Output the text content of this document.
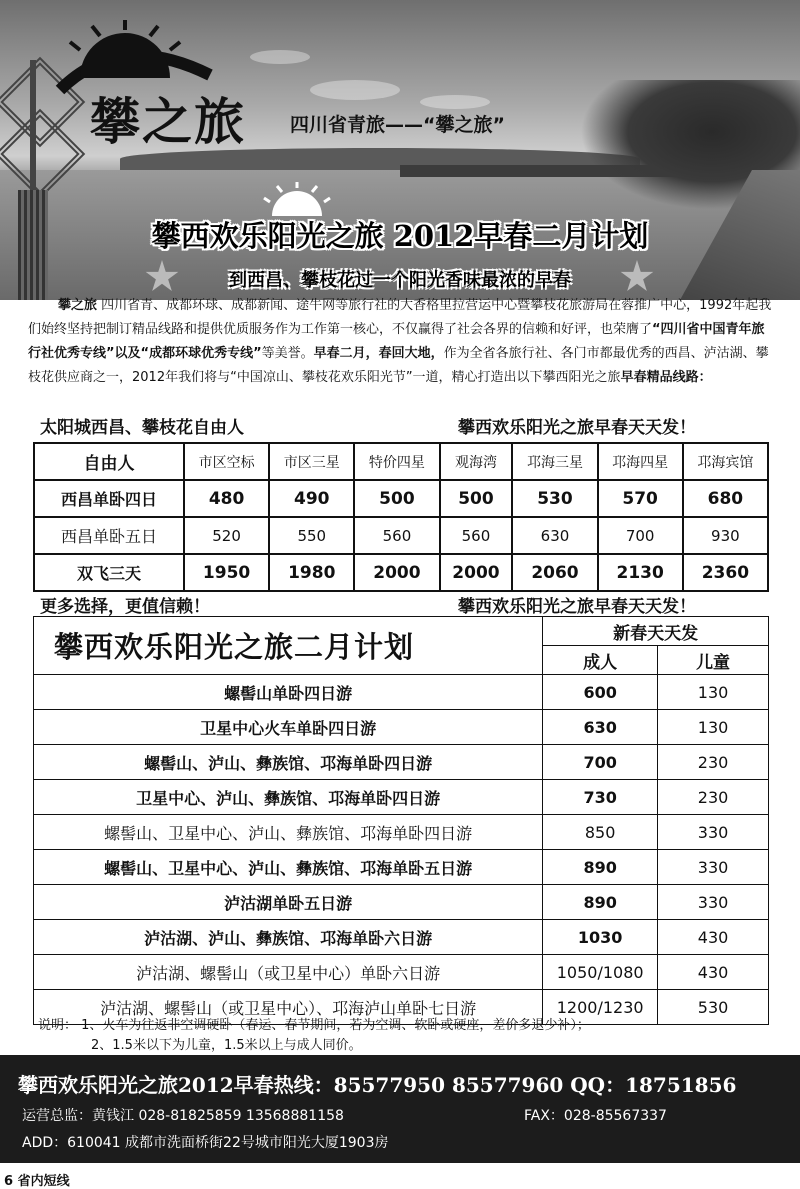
攀之旅 四川省青旅——“攀之旅”
攀西欢乐阳光之旅 2012早春二月计划
到西昌、攀枝花过一个阳光香味最浓的早春
攀之旅 四川省青、成都环球、成都新闻、途牛网等旅行社的大香格里拉营运中心暨攀枝花旅游局在蓉推广中心，1992年起我们始终坚持把制订精品线路和提供优质服务作为工作第一核心，不仅赢得了社会各界的信赖和好评，也荣膺了“四川省中国青年旅行社优秀专线”以及“成都环球优秀专线”等美誉。早春二月，春回大地，作为全省各旅行社、各门市都最优秀的西昌、泸沽湖、攀枝花供应商之一，2012年我们将与“中国凉山、攀枝花欢乐阳光节”一道，精心打造出以下攀西阳光之旅早春精品线路：
太阳城西昌、攀枝花自由人	攀西欢乐阳光之旅早春天天发！
自由人	市区空标	市区三星	特价四星	观海湾	邛海三星	邛海四星	邛海宾馆
西昌单卧四日	480	490	500	500	530	570	680
西昌单卧五日	520	550	560	560	630	700	930
双飞三天	1950	1980	2000	2000	2060	2130	2360
更多选择，更值信赖！	攀西欢乐阳光之旅早春天天发！
攀西欢乐阳光之旅二月计划	新春天天发	
	成人	儿童
螺髻山单卧四日游	600	130
卫星中心火车单卧四日游	630	130
螺髻山、泸山、彝族馆、邛海单卧四日游	700	230
卫星中心、泸山、彝族馆、邛海单卧四日游	730	230
螺髻山、卫星中心、泸山、彝族馆、邛海单卧四日游	850	330
螺髻山、卫星中心、泸山、彝族馆、邛海单卧五日游	890	330
泸沽湖单卧五日游	890	330
泸沽湖、泸山、彝族馆、邛海单卧六日游	1030	430
泸沽湖、螺髻山（或卫星中心）单卧六日游	1050/1080	430
泸沽湖、螺髻山（或卫星中心）、邛海泸山单卧七日游	1200/1230	530
说明： 1、火车为往返非空调硬卧（春运、春节期间，若为空调、软卧或硬座，差价多退少补）；
2、1.5米以下为儿童，1.5米以上与成人同价。
攀西欢乐阳光之旅2012早春热线：85577950 85577960 QQ：18751856
运营总监：黄钱江 028-81825859 13568881158	FAX：028-85567337
ADD：610041 成都市洗面桥街22号城市阳光大厦1903房
6 省内短线
